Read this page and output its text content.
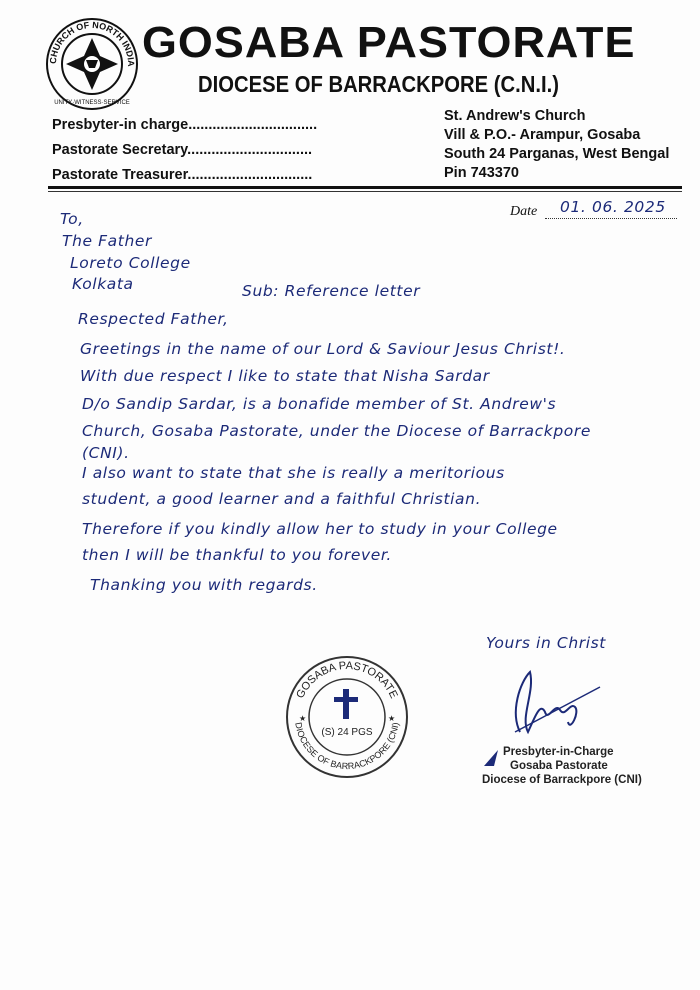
CHURCH OF NORTH INDIA
UNITY·WITNESS·SERVICE
GOSABA PASTORATE
DIOCESE OF BARRACKPORE (C.N.I.)
Presbyter-in charge................................
Pastorate Secretary...............................
Pastorate Treasurer...............................
St. Andrew's Church
Vill & P.O.- Arampur, Gosaba
South 24 Parganas, West Bengal
Pin 743370
Date 01. 06. 2025
To,
The Father
Loreto College
Kolkata	Sub: Reference letter
Respected Father,
Greetings in the name of our Lord & Saviour Jesus Christ!.
With due respect I like to state that Nisha Sardar
D/o Sandip Sardar, is a bonafide member of St. Andrew's
Church, Gosaba Pastorate, under the Diocese of Barrackpore
(CNI).
I also want to state that she is really a meritorious
student, a good learner and a faithful Christian.
Therefore if you kindly allow her to study in your College
then I will be thankful to you forever.
Thanking you with regards.
Yours in Christ
GOSABA PASTORATE
DIOCESE OF BARRACKPORE (CNI)
(S) 24 PGS
★	★
Presbyter-in-Charge
Gosaba Pastorate
Diocese of Barrackpore (CNI)
